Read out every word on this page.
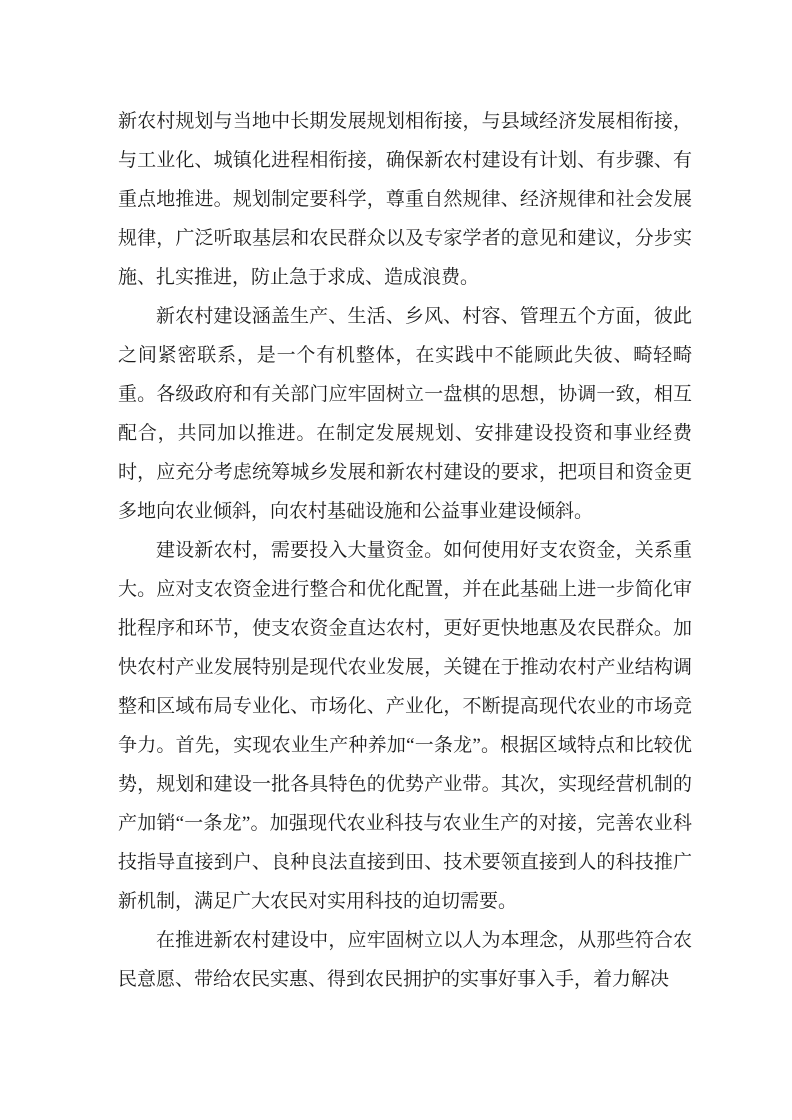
新农村规划与当地中长期发展规划相衔接，与县域经济发展相衔接，与工业化、城镇化进程相衔接，确保新农村建设有计划、有步骤、有重点地推进。规划制定要科学，尊重自然规律、经济规律和社会发展规律，广泛听取基层和农民群众以及专家学者的意见和建议，分步实施、扎实推进，防止急于求成、造成浪费。

新农村建设涵盖生产、生活、乡风、村容、管理五个方面，彼此之间紧密联系，是一个有机整体，在实践中不能顾此失彼、畸轻畸重。各级政府和有关部门应牢固树立一盘棋的思想，协调一致，相互配合，共同加以推进。在制定发展规划、安排建设投资和事业经费时，应充分考虑统筹城乡发展和新农村建设的要求，把项目和资金更多地向农业倾斜，向农村基础设施和公益事业建设倾斜。

建设新农村，需要投入大量资金。如何使用好支农资金，关系重大。应对支农资金进行整合和优化配置，并在此基础上进一步简化审批程序和环节，使支农资金直达农村，更好更快地惠及农民群众。加快农村产业发展特别是现代农业发展，关键在于推动农村产业结构调整和区域布局专业化、市场化、产业化，不断提高现代农业的市场竞争力。首先，实现农业生产种养加“一条龙”。根据区域特点和比较优势，规划和建设一批各具特色的优势产业带。其次，实现经营机制的产加销“一条龙”。加强现代农业科技与农业生产的对接，完善农业科技指导直接到户、良种良法直接到田、技术要领直接到人的科技推广新机制，满足广大农民对实用科技的迫切需要。

在推进新农村建设中，应牢固树立以人为本理念，从那些符合农民意愿、带给农民实惠、得到农民拥护的实事好事入手，着力解决
